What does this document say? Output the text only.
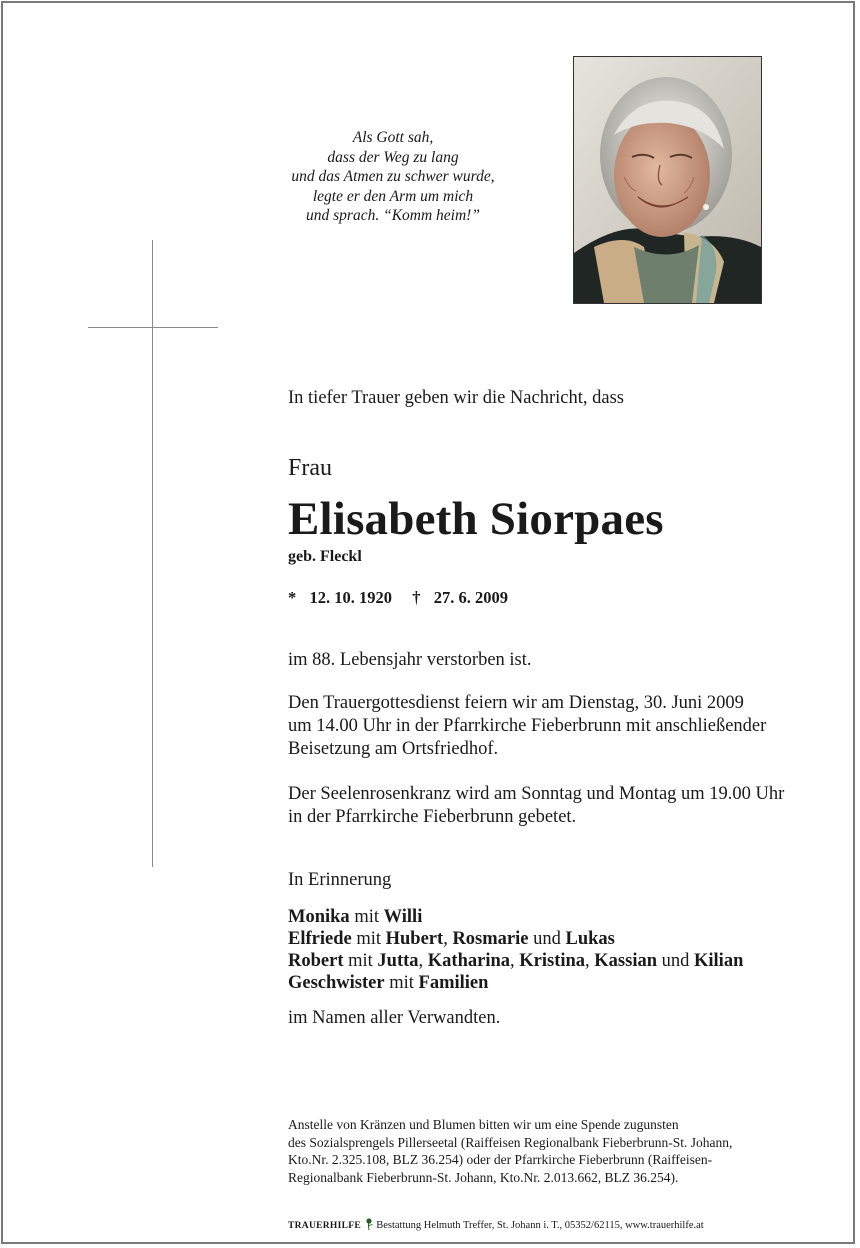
Als Gott sah,
dass der Weg zu lang
und das Atmen zu schwer wurde,
legte er den Arm um mich
und sprach. “Komm heim!”
In tiefer Trauer geben wir die Nachricht, dass
Frau
Elisabeth Siorpaes
geb. Fleckl
* 12. 10. 1920 † 27. 6. 2009
im 88. Lebensjahr verstorben ist.
Den Trauergottesdienst feiern wir am Dienstag, 30. Juni 2009
um 14.00 Uhr in der Pfarrkirche Fieberbrunn mit anschließender
Beisetzung am Ortsfriedhof.
Der Seelenrosenkranz wird am Sonntag und Montag um 19.00 Uhr
in der Pfarrkirche Fieberbrunn gebetet.
In Erinnerung
Monika mit Willi
Elfriede mit Hubert, Rosmarie und Lukas
Robert mit Jutta, Katharina, Kristina, Kassian und Kilian
Geschwister mit Familien
im Namen aller Verwandten.
Anstelle von Kränzen und Blumen bitten wir um eine Spende zugunsten
des Sozialsprengels Pillerseetal (Raiffeisen Regionalbank Fieberbrunn-St. Johann,
Kto.Nr. 2.325.108, BLZ 36.254) oder der Pfarrkirche Fieberbrunn (Raiffeisen-
Regionalbank Fieberbrunn-St. Johann, Kto.Nr. 2.013.662, BLZ 36.254).
TRAUERHILFE Bestattung Helmuth Treffer, St. Johann i. T., 05352/62115, www.trauerhilfe.at
